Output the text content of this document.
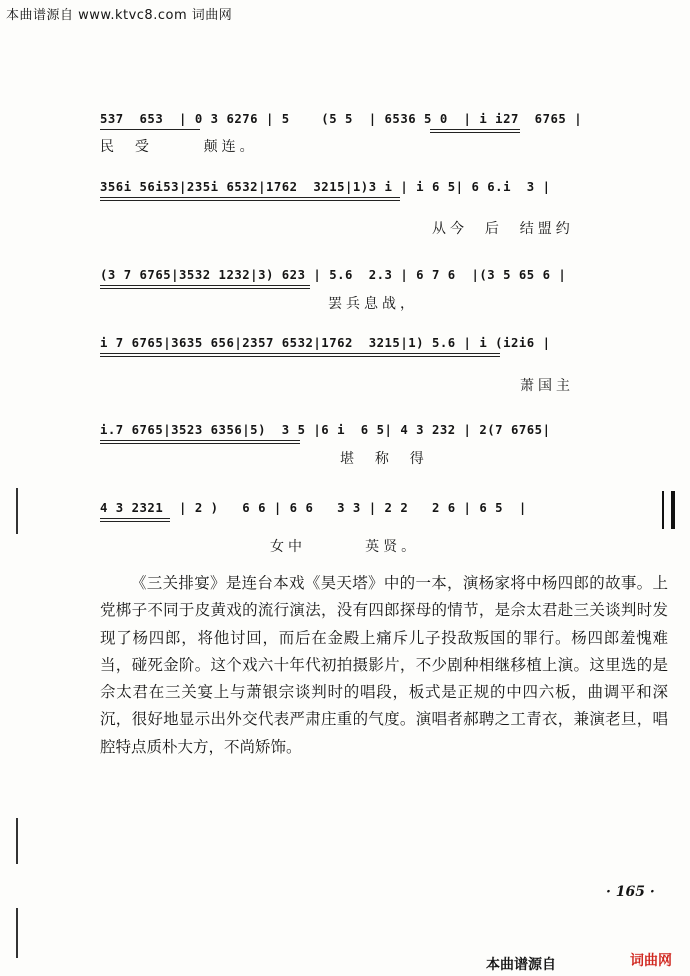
本曲谱源自 www.ktvc8.com 词曲网
537  653  | 0 3 6276 | 5    (5 5  | 6536 5 0  | i i27  6765 |
民  受      颠连。
356i 56i53|235i 6532|1762  3215|1)3 i | i 6 5| 6 6.i  3 |
从今  后  结盟约
(3 7 6765|3532 1232|3) 623 | 5.6  2.3 | 6 7 6  |(3 5 65 6 |
罢兵息战，
i 7 6765|3635 656|2357 6532|1762  3215|1) 5.6 | i (i2i6 |
萧国主
i.7 6765|3523 6356|5)  3 5 |6 i  6 5| 4 3 232 | 2(7 6765|
堪  称  得
4 3 2321  | 2 )   6 6 | 6 6   3 3 | 2 2   2 6 | 6 5  |
女中       英贤。
《三关排宴》是连台本戏《昊天塔》中的一本，演杨家将中杨四郎的故事。上党梆子不同于皮黄戏的流行演法，没有四郎探母的情节，是佘太君赴三关谈判时发现了杨四郎，将他讨回，而后在金殿上痛斥儿子投敌叛国的罪行。杨四郎羞愧难当，碰死金阶。这个戏六十年代初拍摄影片，不少剧种相继移植上演。这里选的是佘太君在三关宴上与萧银宗谈判时的唱段，板式是正规的中四六板，曲调平和深沉，很好地显示出外交代表严肃庄重的气度。演唱者郝聘之工青衣，兼演老旦，唱腔特点质朴大方，不尚矫饰。
· 165 ·
本曲谱源自	词曲网
